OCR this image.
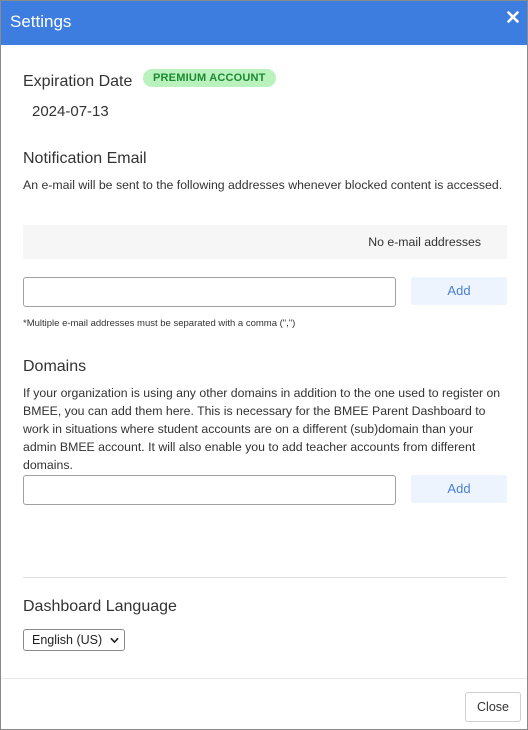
Settings
Expiration Date	PREMIUM ACCOUNT
2024-07-13
Notification Email
An e-mail will be sent to the following addresses whenever blocked content is accessed.
No e-mail addresses
Add
*Multiple e-mail addresses must be separated with a comma (",")
Domains
If your organization is using any other domains in addition to the one used to register on BMEE, you can add them here. This is necessary for the BMEE Parent Dashboard to work in situations where student accounts are on a different (sub)domain than your admin BMEE account. It will also enable you to add teacher accounts from different domains.
Add
Dashboard Language
English (US)
Close
